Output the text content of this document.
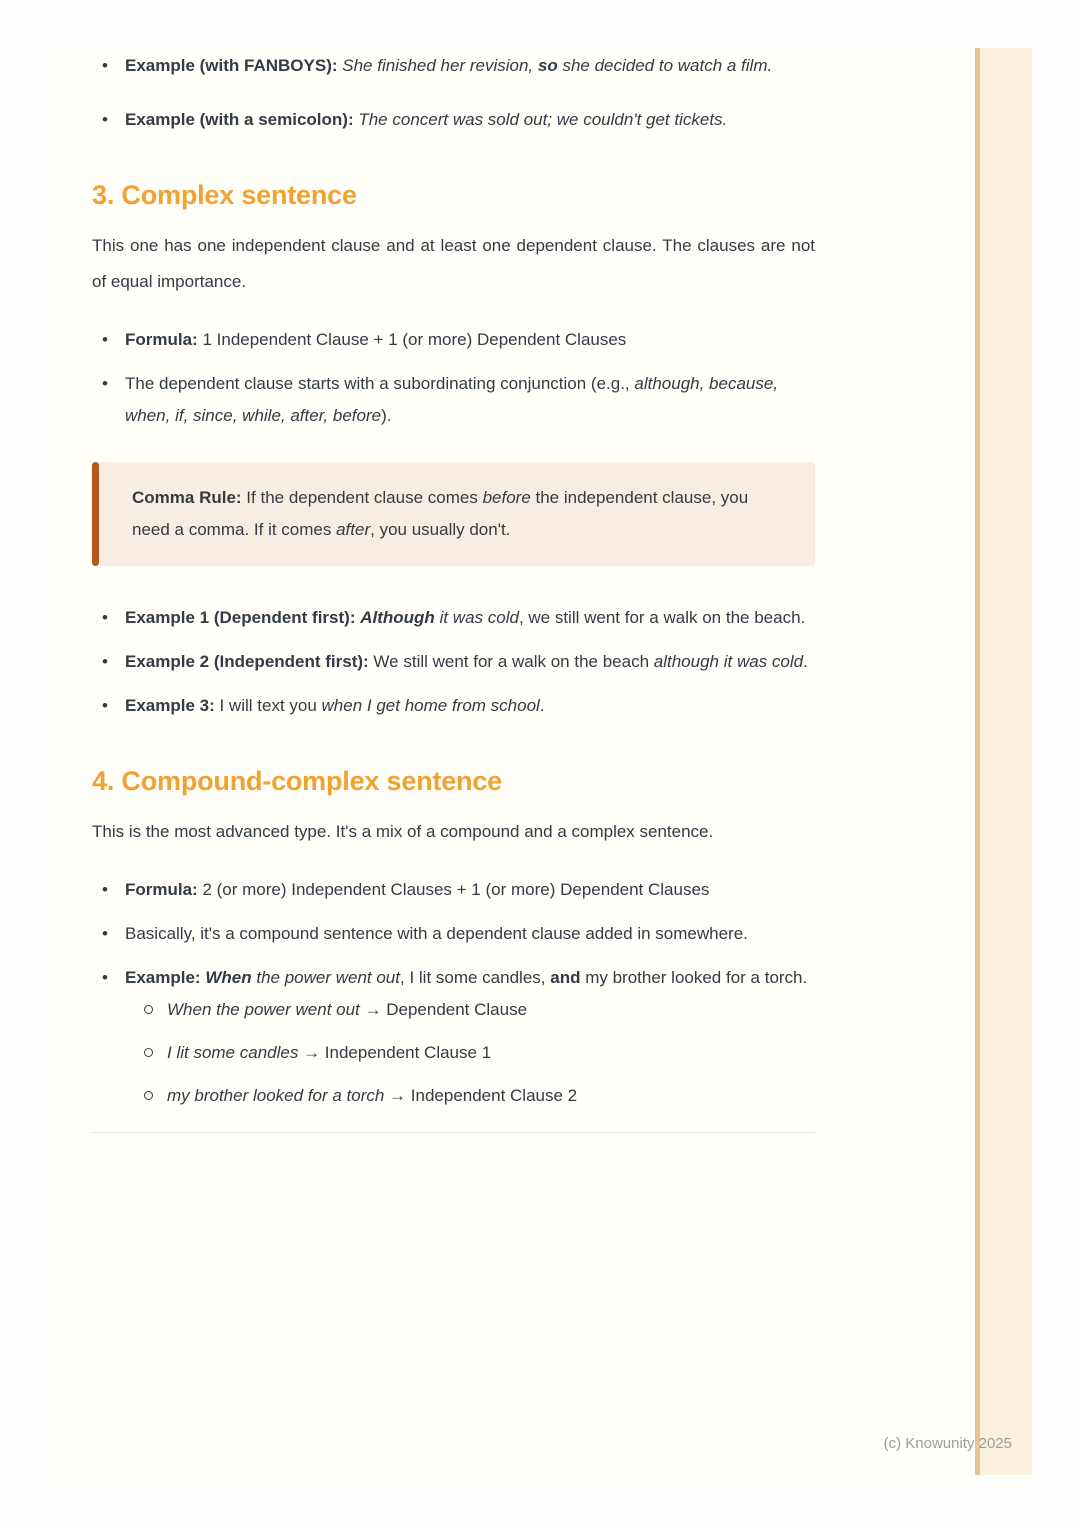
• Example (with FANBOYS): She finished her revision, so she decided to watch a film.
• Example (with a semicolon): The concert was sold out; we couldn't get tickets.
3. Complex sentence

This one has one independent clause and at least one dependent clause. The clauses are not of equal importance.

• Formula: 1 Independent Clause + 1 (or more) Dependent Clauses
• The dependent clause starts with a subordinating conjunction (e.g., although, because, when, if, since, while, after, before).

Comma Rule: If the dependent clause comes before the independent clause, you need a comma. If it comes after, you usually don't.

• Example 1 (Dependent first): Although it was cold, we still went for a walk on the beach.
• Example 2 (Independent first): We still went for a walk on the beach although it was cold.
• Example 3: I will text you when I get home from school.
4. Compound-complex sentence

This is the most advanced type. It's a mix of a compound and a complex sentence.

• Formula: 2 (or more) Independent Clauses + 1 (or more) Dependent Clauses
• Basically, it's a compound sentence with a dependent clause added in somewhere.
• Example: When the power went out, I lit some candles, and my brother looked for a torch.
When the power went out → Dependent Clause
I lit some candles → Independent Clause 1
my brother looked for a torch → Independent Clause 2
(c) Knowunity 2025
